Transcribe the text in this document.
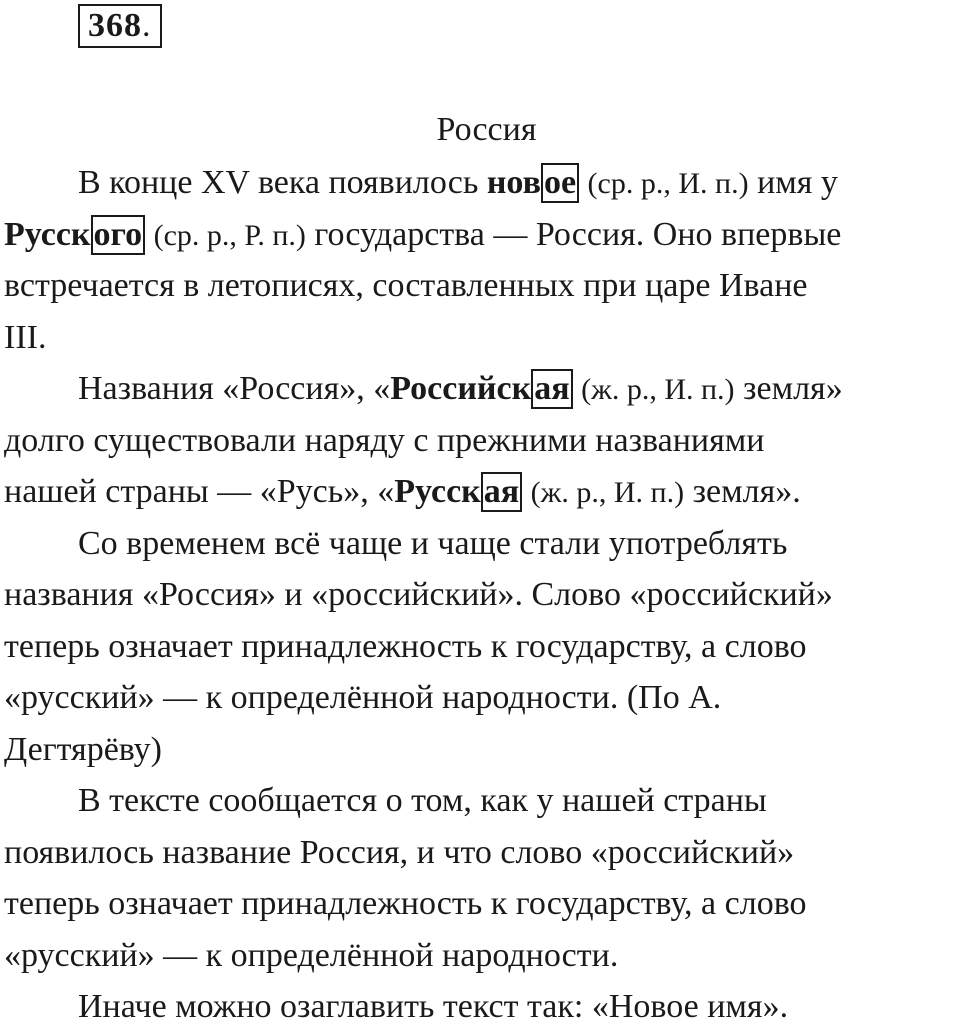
368.
Россия
В конце XV века появилось новое (ср. р., И. п.) имя у
Русского (ср. р., Р. п.) государства — Россия. Оно впервые
встречается в летописях, составленных при царе Иване
III.
Названия «Россия», «Российская (ж. р., И. п.) земля»
долго существовали наряду с прежними названиями
нашей страны — «Русь», «Русская (ж. р., И. п.) земля».
Со временем всё чаще и чаще стали употреблять
названия «Россия» и «российский». Слово «российский»
теперь означает принадлежность к государству, а слово
«русский» — к определённой народности. (По А.
Дегтярёву)
В тексте сообщается о том, как у нашей страны
появилось название Россия, и что слово «российский»
теперь означает принадлежность к государству, а слово
«русский» — к определённой народности.
Иначе можно озаглавить текст так: «Новое имя».
